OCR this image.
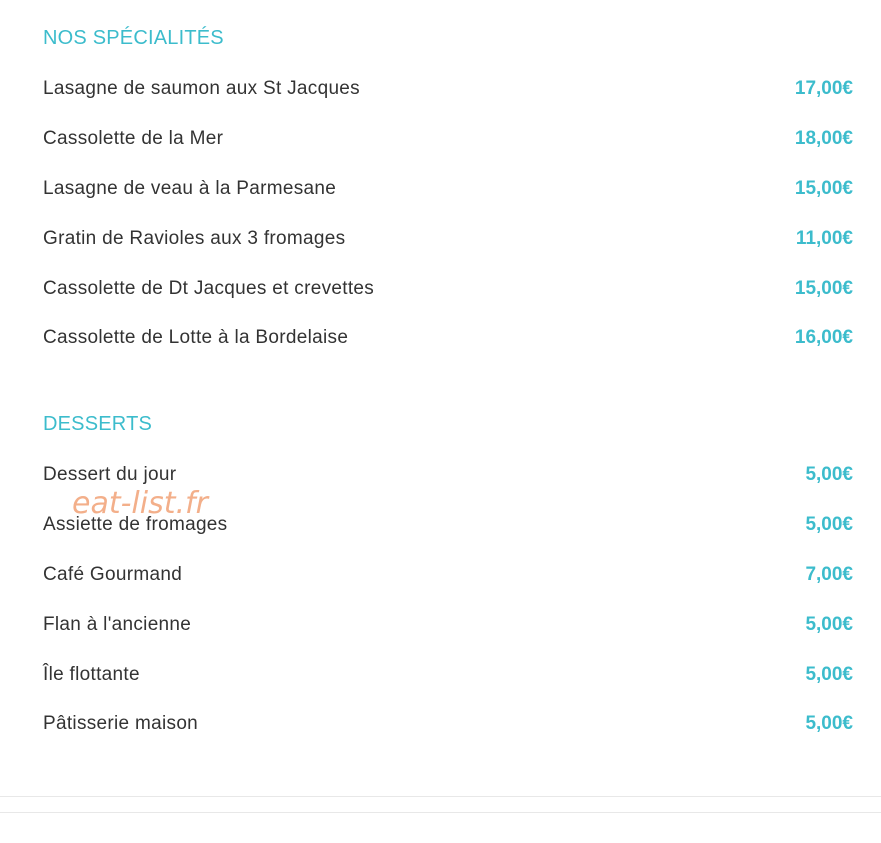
NOS SPÉCIALITÉS
Lasagne de saumon aux St Jacques	17,00€
Cassolette de la Mer	18,00€
Lasagne de veau à la Parmesane	15,00€
Gratin de Ravioles aux 3 fromages	11,00€
Cassolette de Dt Jacques et crevettes	15,00€
Cassolette de Lotte à la Bordelaise	16,00€
DESSERTS
Dessert du jour	5,00€
Assiette de fromages	5,00€
Café Gourmand	7,00€
Flan à l'ancienne	5,00€
Île flottante	5,00€
Pâtisserie maison	5,00€
eat-list.fr
